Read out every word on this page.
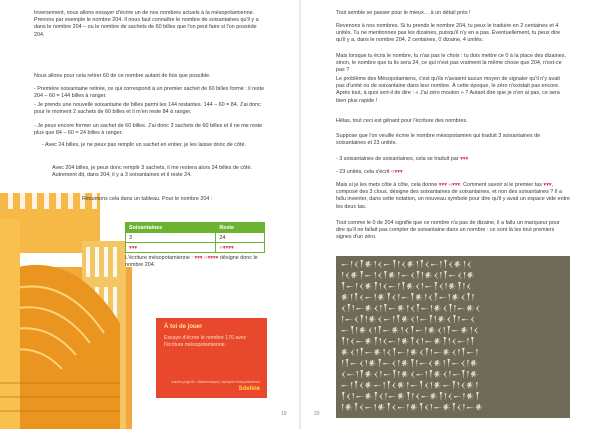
Inversement, nous allons essayer d'écrire un de nos nombres actuels à la mésopotamienne. Prenons par exemple le nombre 204. Il nous faut connaître le nombre de soixantaines qu'il y a dans le nombre 204 – ou le nombre de sachets de 60 billes que l'on peut faire si l'on possède 204.

Nous allons pour cela retirer 60 de ce nombre autant de fois que possible.

- Première soixantaine retirée, ce qui correspond à un premier sachet de 60 billes formé : il reste 204 – 60 = 144 billes à ranger.

- Je prends une nouvelle soixantaine de billes parmi les 144 restantes. 144 – 60 = 84. J'ai donc pour le moment 2 sachets de 60 billes et il m'en reste 84 à ranger.

- Je peux encore former un sachet de 60 billes. J'ai donc 3 sachets de 60 billes et il ne me reste plus que 84 – 60 = 24 billes à ranger.

- Avec 24 billes, je ne peux pas remplir un sachet en entier, je les laisse donc de côté.

Avec 204 billes, je peux donc remplir 3 sachets, il me restera alors 24 billes de côté. Autrement dit, dans 204, il y a 3 soixantaines et il reste 24.

Résumons cela dans un tableau. Pour le nombre 204 :

Soixantaines	Reste
3	24
▾▾▾	‹‹▾▾▾▾

L'écriture mésopotamienne : ▾▾▾ ‹‹▾▾▾▾ désigne donc le nombre 204.

À toi de jouer
Essaye d'écrire le nombre 176 avec l'écriture mésopotamienne.
solution page 80 • Mathématiques, l'antiquité mésopotamienne
Sdeline
19	20

Tout semble se passer pour le mieux… à un détail près !

Revenons à nos nombres. Si tu prends le nombre 204, tu peux le traduire en 2 centaines et 4 unités. Tu ne mentionnes pas les dizaines, puisqu'il n'y en a pas. Éventuellement, tu peux dire qu'il y a, dans le nombre 204, 2 centaines, 0 dizaine, 4 unités.

Mais lorsque tu écris le nombre, tu n'as pas le choix : tu dois mettre ce 0 à la place des dizaines, sinon, le nombre que tu lis sera 24, ce qui n'est pas vraiment la même chose que 204, n'est-ce pas ?

Le problème des Mésopotamiens, c'est qu'ils n'avaient aucun moyen de signaler qu'il n'y avait pas d'unité ou de soixantaine dans leur nombre. À cette époque, le zéro n'existait pas encore. Après tout, à quoi sert-il de dire : « J'ai zéro mouton » ? Autant dire que je n'en ai pas, ce sera bien plus rapide !

Hélas, tout ceci est gênant pour l'écriture des nombres.

Suppose que l'on veuille écrire le nombre mésopotamien qui traduit 3 soixantaines de soixantaines et 23 unités.

- 3 soixantaines de soixantaines, cela se traduit par ▾▾▾

- 23 unités, cela s'écrit ‹‹▾▾▾

Mais si je les mets côte à côte, cela donne ▾▾▾ ‹‹▾▾▾. Comment savoir si le premier tas ▾▾▾, composé des 3 clous, désigne des soixantaines de soixantaines, et non des soixantaines ? Il a fallu inventer, dans cette notation, un nouveau symbole pour dire qu'il y avait un espace vide entre les deux tas.

Tout comme le 0 de 204 signifie que ce nombre n'a pas de dizaine, il a fallu un marqueur pour dire qu'il ne fallait pas compter de soixantaine dans un nombre : ce sont là les tout premiers signes d'un zéro.

𒀸𒁹𒌋𒐕𒀭𒁹𒌋𒀸𒐕𒁹𒌋𒀭𒁹𒐕𒌋𒀸𒁹𒐕𒌋𒀭𒁹𒌋
𒁹𒌋𒀭𒐕𒀸𒁹𒌋𒐕𒀭𒁹𒀸𒌋𒐕𒁹𒀭𒌋𒁹𒐕𒀸𒌋𒁹𒀭
𒐕𒀸𒁹𒌋𒀭𒐕𒁹𒌋𒀸𒁹𒐕𒀭𒌋𒁹𒀸𒐕𒌋𒁹𒀭𒐕𒁹𒌋
𒀭𒁹𒐕𒌋𒀸𒁹𒀭𒐕𒌋𒁹𒀸𒐕𒀭𒁹𒌋𒐕𒀸𒁹𒀭𒌋𒐕𒁹
𒌋𒐕𒁹𒀸𒀭𒌋𒁹𒐕𒀸𒀭𒁹𒌋𒐕𒀸𒁹𒀭𒌋𒐕𒁹𒀸𒀭𒌋
𒁹𒀸𒌋𒐕𒁹𒀭𒌋𒀸𒁹𒐕𒀭𒌋𒁹𒀸𒐕𒁹𒀭𒌋𒐕𒁹𒀸𒌋
𒀸𒐕𒁹𒀭𒌋𒁹𒐕𒀸𒀭𒁹𒌋𒐕𒀸𒁹𒀭𒌋𒁹𒐕𒀸𒀭𒁹𒌋
𒐕𒁹𒌋𒀸𒀭𒐕𒁹𒌋𒀸𒁹𒀭𒐕𒌋𒁹𒀸𒀭𒐕𒁹𒌋𒀸𒁹𒐕
𒀭𒌋𒁹𒐕𒀸𒀭𒁹𒌋𒐕𒀸𒁹𒀭𒌋𒐕𒁹𒀸𒀭𒌋𒁹𒐕𒀸𒁹
𒁹𒐕𒀸𒌋𒁹𒀭𒐕𒀸𒌋𒁹𒀭𒐕𒁹𒀸𒌋𒀭𒁹𒐕𒀸𒌋𒁹𒀭
𒌋𒀸𒁹𒐕𒀭𒌋𒁹𒀸𒐕𒁹𒀭𒌋𒀸𒁹𒐕𒀭𒌋𒁹𒀸𒐕𒁹𒀭
𒀸𒁹𒐕𒌋𒀭𒀸𒁹𒐕𒌋𒀭𒁹𒀸𒐕𒌋𒁹𒀭𒀸𒐕𒁹𒌋𒀭𒁹
𒐕𒌋𒁹𒀸𒀭𒐕𒌋𒁹𒀸𒀭𒐕𒁹𒌋𒀸𒀭𒐕𒁹𒌋𒀸𒁹𒀭𒐕
𒁹𒀭𒐕𒌋𒀸𒁹𒀭𒐕𒌋𒀸𒁹𒀭𒐕𒌋𒁹𒀸𒀭𒐕𒌋𒁹𒀸𒀭
